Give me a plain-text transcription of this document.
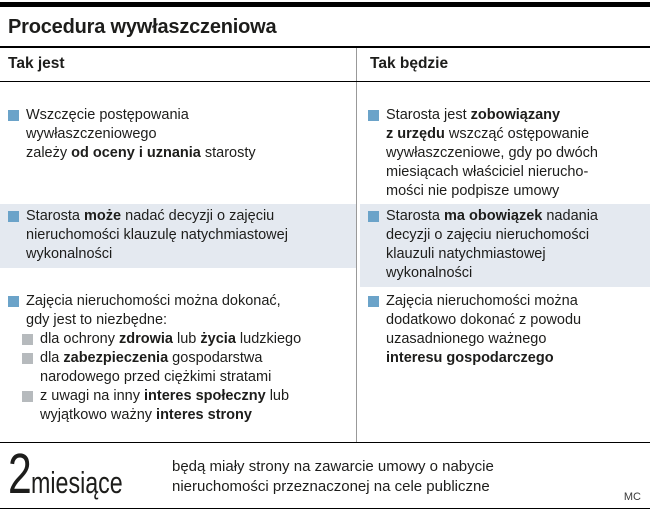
Procedura wywłaszczeniowa
Tak jest	Tak będzie
Wszczęcie postępowania
wywłaszczeniowego
zależy od oceny i uznania starosty
Starosta może nadać decyzji o zajęciu
nieruchomości klauzulę natychmiastowej
wykonalności
Zajęcia nieruchomości można dokonać,
gdy jest to niezbędne:
dla ochrony zdrowia lub życia ludzkiego
dla zabezpieczenia gospodarstwa
narodowego przed ciężkimi stratami
z uwagi na inny interes społeczny lub
wyjątkowo ważny interes strony
Starosta jest zobowiązany
z urzędu wszcząć ostępowanie
wywłaszczeniowe, gdy po dwóch
miesiącach właściciel nierucho-
mości nie podpisze umowy
Starosta ma obowiązek nadania
decyzji o zajęciu nieruchomości
klauzuli natychmiastowej
wykonalności
Zajęcia nieruchomości można
dodatkowo dokonać z powodu
uzasadnionego ważnego
interesu gospodarczego
2miesiące	będą miały strony na zawarcie umowy o nabycie
nieruchomości przeznaczonej na cele publiczne
MC
